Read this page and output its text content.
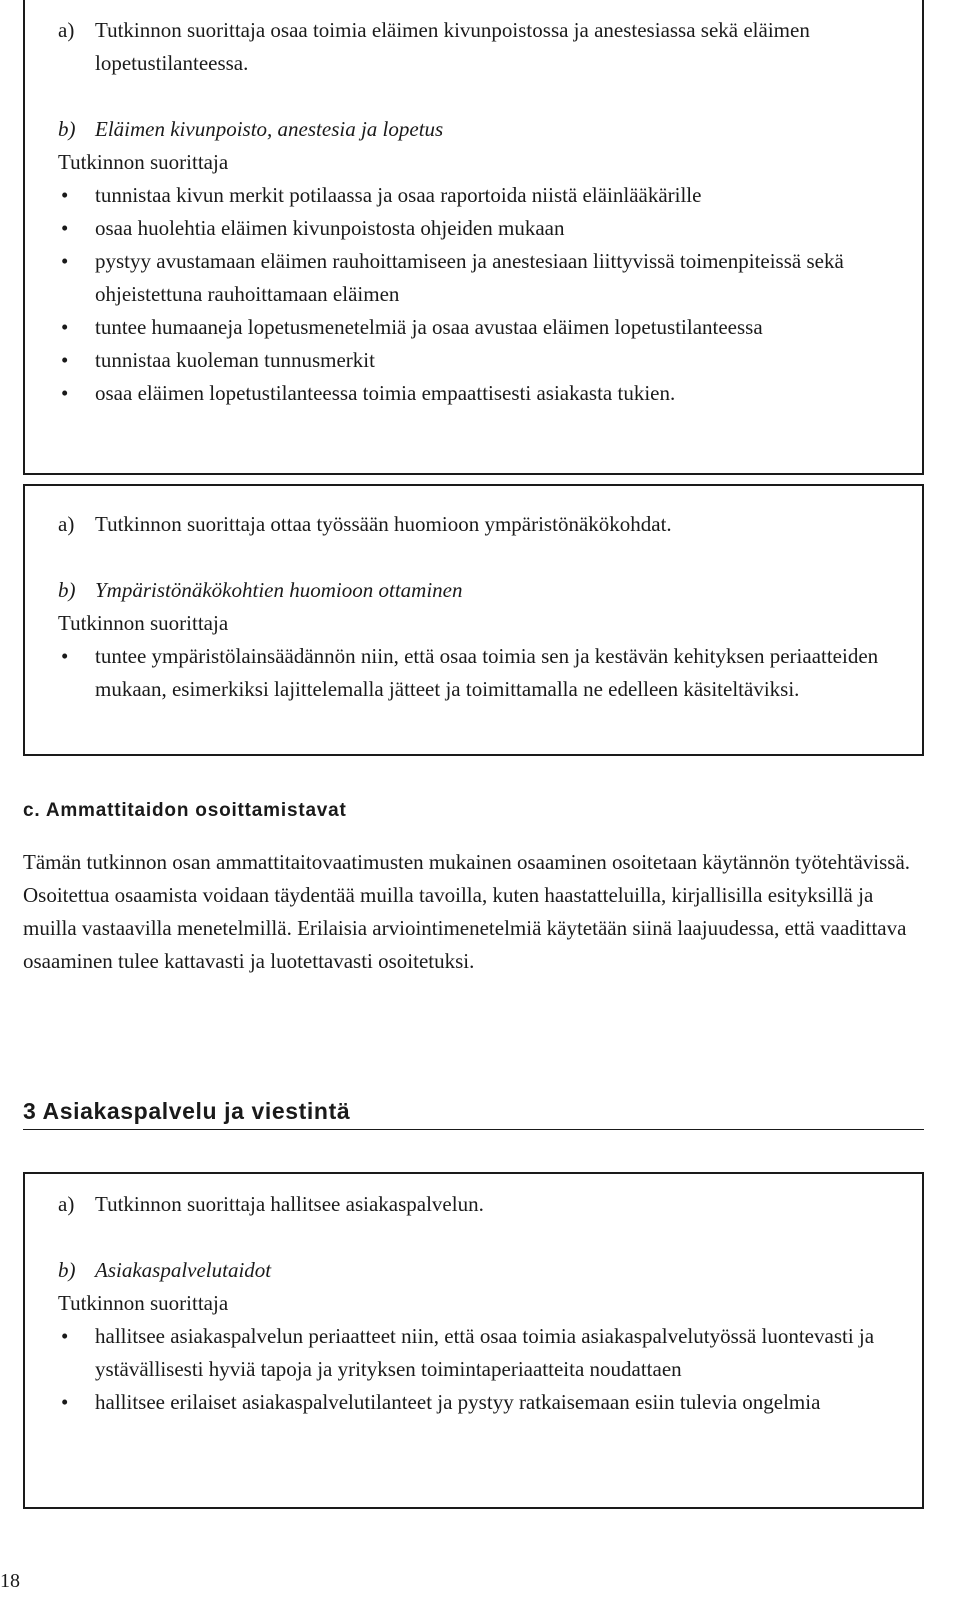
a) Tutkinnon suorittaja osaa toimia eläimen kivunpoistossa ja anestesiassa sekä eläimen lopetustilanteessa.

b) Eläimen kivunpoisto, anestesia ja lopetus

Tutkinnon suorittaja

• tunnistaa kivun merkit potilaassa ja osaa raportoida niistä eläinlääkärille
• osaa huolehtia eläimen kivunpoistosta ohjeiden mukaan
• pystyy avustamaan eläimen rauhoittamiseen ja anestesiaan liittyvissä toimenpiteissä sekä ohjeistettuna rauhoittamaan eläimen
• tuntee humaaneja lopetusmenetelmiä ja osaa avustaa eläimen lopetustilanteessa
• tunnistaa kuoleman tunnusmerkit
• osaa eläimen lopetustilanteessa toimia empaattisesti asiakasta tukien.

a) Tutkinnon suorittaja ottaa työssään huomioon ympäristönäkökohdat.

b) Ympäristönäkökohtien huomioon ottaminen

Tutkinnon suorittaja

• tuntee ympäristölainsäädännön niin, että osaa toimia sen ja kestävän kehityksen periaatteiden mukaan, esimerkiksi lajittelemalla jätteet ja toimittamalla ne edelleen käsiteltäviksi.
c. Ammattitaidon osoittamistavat

Tämän tutkinnon osan ammattitaitovaatimusten mukainen osaaminen osoitetaan käytännön työtehtävissä. Osoitettua osaamista voidaan täydentää muilla tavoilla, kuten haastatteluilla, kirjallisilla esityksillä ja muilla vastaavilla menetelmillä. Erilaisia arviointimenetelmiä käytetään siinä laajuudessa, että vaadittava osaaminen tulee kattavasti ja luotettavasti osoitetuksi.

3 Asiakaspalvelu ja viestintä

a) Tutkinnon suorittaja hallitsee asiakaspalvelun.

b) Asiakaspalvelutaidot

Tutkinnon suorittaja

• hallitsee asiakaspalvelun periaatteet niin, että osaa toimia asiakaspalvelutyössä luontevasti ja ystävällisesti hyviä tapoja ja yrityksen toimintaperiaatteita noudattaen
• hallitsee erilaiset asiakaspalvelutilanteet ja pystyy ratkaisemaan esiin tulevia ongelmia
18
